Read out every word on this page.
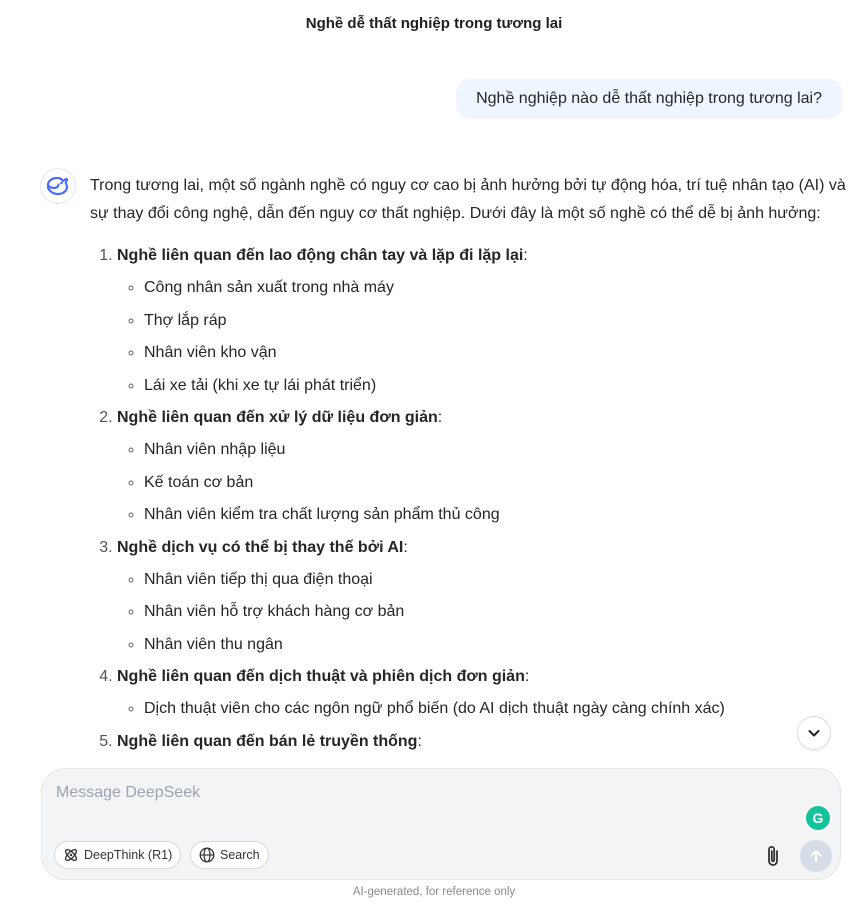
Nghề dễ thất nghiệp trong tương lai
Nghề nghiệp nào dễ thất nghiệp trong tương lai?

Trong tương lai, một số ngành nghề có nguy cơ cao bị ảnh hưởng bởi tự động hóa, trí tuệ nhân tạo (AI) và sự thay đổi công nghệ, dẫn đến nguy cơ thất nghiệp. Dưới đây là một số nghề có thể dễ bị ảnh hưởng:

1. Nghề liên quan đến lao động chân tay và lặp đi lặp lại:
◦ Công nhân sản xuất trong nhà máy
◦ Thợ lắp ráp
◦ Nhân viên kho vận
◦ Lái xe tải (khi xe tự lái phát triển)
2. Nghề liên quan đến xử lý dữ liệu đơn giản:
◦ Nhân viên nhập liệu
◦ Kế toán cơ bản
◦ Nhân viên kiểm tra chất lượng sản phẩm thủ công
3. Nghề dịch vụ có thể bị thay thế bởi AI:
◦ Nhân viên tiếp thị qua điện thoại
◦ Nhân viên hỗ trợ khách hàng cơ bản
◦ Nhân viên thu ngân
4. Nghề liên quan đến dịch thuật và phiên dịch đơn giản:
◦ Dịch thuật viên cho các ngôn ngữ phổ biến (do AI dịch thuật ngày càng chính xác)
5. Nghề liên quan đến bán lẻ truyền thống:
Message DeepSeek
G
DeepThink (R1)	Search
AI-generated, for reference only
